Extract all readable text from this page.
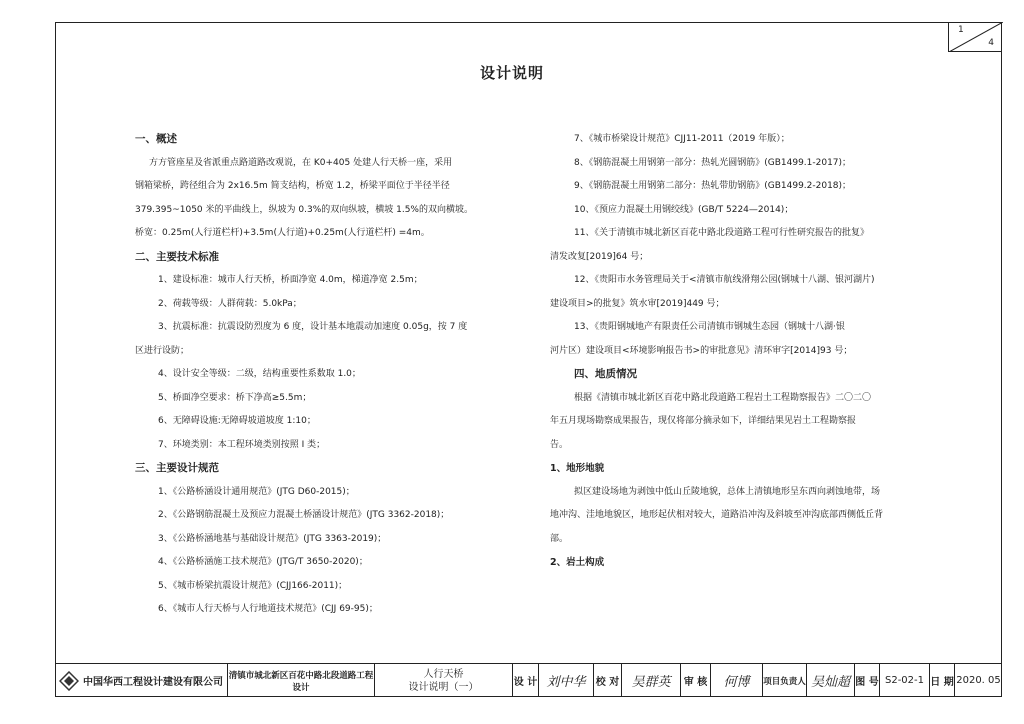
1
4
设计说明
一、概述
方方管座星及省派重点路道路改观说，在 K0+405 处建人行天桥一座，采用
钢箱梁桥，跨径组合为 2x16.5m 简支结构，桥宽 1.2，桥梁平面位于半径半径
379.395~1050 米的平曲线上，纵坡为 0.3%的双向纵坡，横坡 1.5%的双向横坡。
桥宽：0.25m(人行道栏杆)+3.5m(人行道)+0.25m(人行道栏杆) =4m。
二、主要技术标准
1、建设标准：城市人行天桥，桥面净宽 4.0m，梯道净宽 2.5m；
2、荷载等级：人群荷载：5.0kPa；
3、抗震标准：抗震设防烈度为 6 度，设计基本地震动加速度 0.05g，按 7 度
区进行设防；
4、设计安全等级：二级，结构重要性系数取 1.0；
5、桥面净空要求：桥下净高≥5.5m；
6、无障碍设施:无障碍坡道坡度 1:10；
7、环境类别：本工程环境类别按照 I 类；
三、主要设计规范
1、《公路桥涵设计通用规范》(JTG D60-2015)；
2、《公路钢筋混凝土及预应力混凝土桥涵设计规范》(JTG 3362-2018)；
3、《公路桥涵地基与基础设计规范》(JTG 3363-2019)；
4、《公路桥涵施工技术规范》(JTG/T 3650-2020)；
5、《城市桥梁抗震设计规范》(CJJ166-2011)；
6、《城市人行天桥与人行地道技术规范》(CJJ 69-95)；
7、《城市桥梁设计规范》CJJ11-2011（2019 年版）；
8、《钢筋混凝土用钢第一部分：热轧光圆钢筋》(GB1499.1-2017)；
9、《钢筋混凝土用钢第二部分：热轧带肋钢筋》(GB1499.2-2018)；
10、《预应力混凝土用钢绞线》(GB/T 5224—2014)；
11、《关于清镇市城北新区百花中路北段道路工程可行性研究报告的批复》
清发改复[2019]64 号；
12、《贵阳市水务管理局关于<清镇市航线滑翔公园(钢城十八湖、银河湖片)
建设项目>的批复》筑水审[2019]449 号；
13、《贵阳钢城地产有限责任公司清镇市钢城生态园（钢城十八湖·银
河片区）建设项目<环境影响报告书>的审批意见》清环审字[2014]93 号；
四、地质情况
根据《清镇市城北新区百花中路北段道路工程岩土工程勘察报告》二〇二〇
年五月现场勘察成果报告，现仅将部分摘录如下，详细结果见岩土工程勘察报
告。
1、地形地貌
拟区建设场地为剥蚀中低山丘陵地貌，总体上清镇地形呈东西向剥蚀地带，场
地冲沟、洼地地貌区，地形起伏相对较大，道路沿冲沟及斜坡至冲沟底部西侧低丘背
部。
2、岩土构成
中国华西工程设计建设有限公司
清镇市城北新区百花中路北段道路工程设计
人行天桥
设计说明（一）	设 计 刘中华 校 对 吴群英 审 核 何博 项目负责人 吴灿超 图 号 S2-02-1 日 期 2020. 05
